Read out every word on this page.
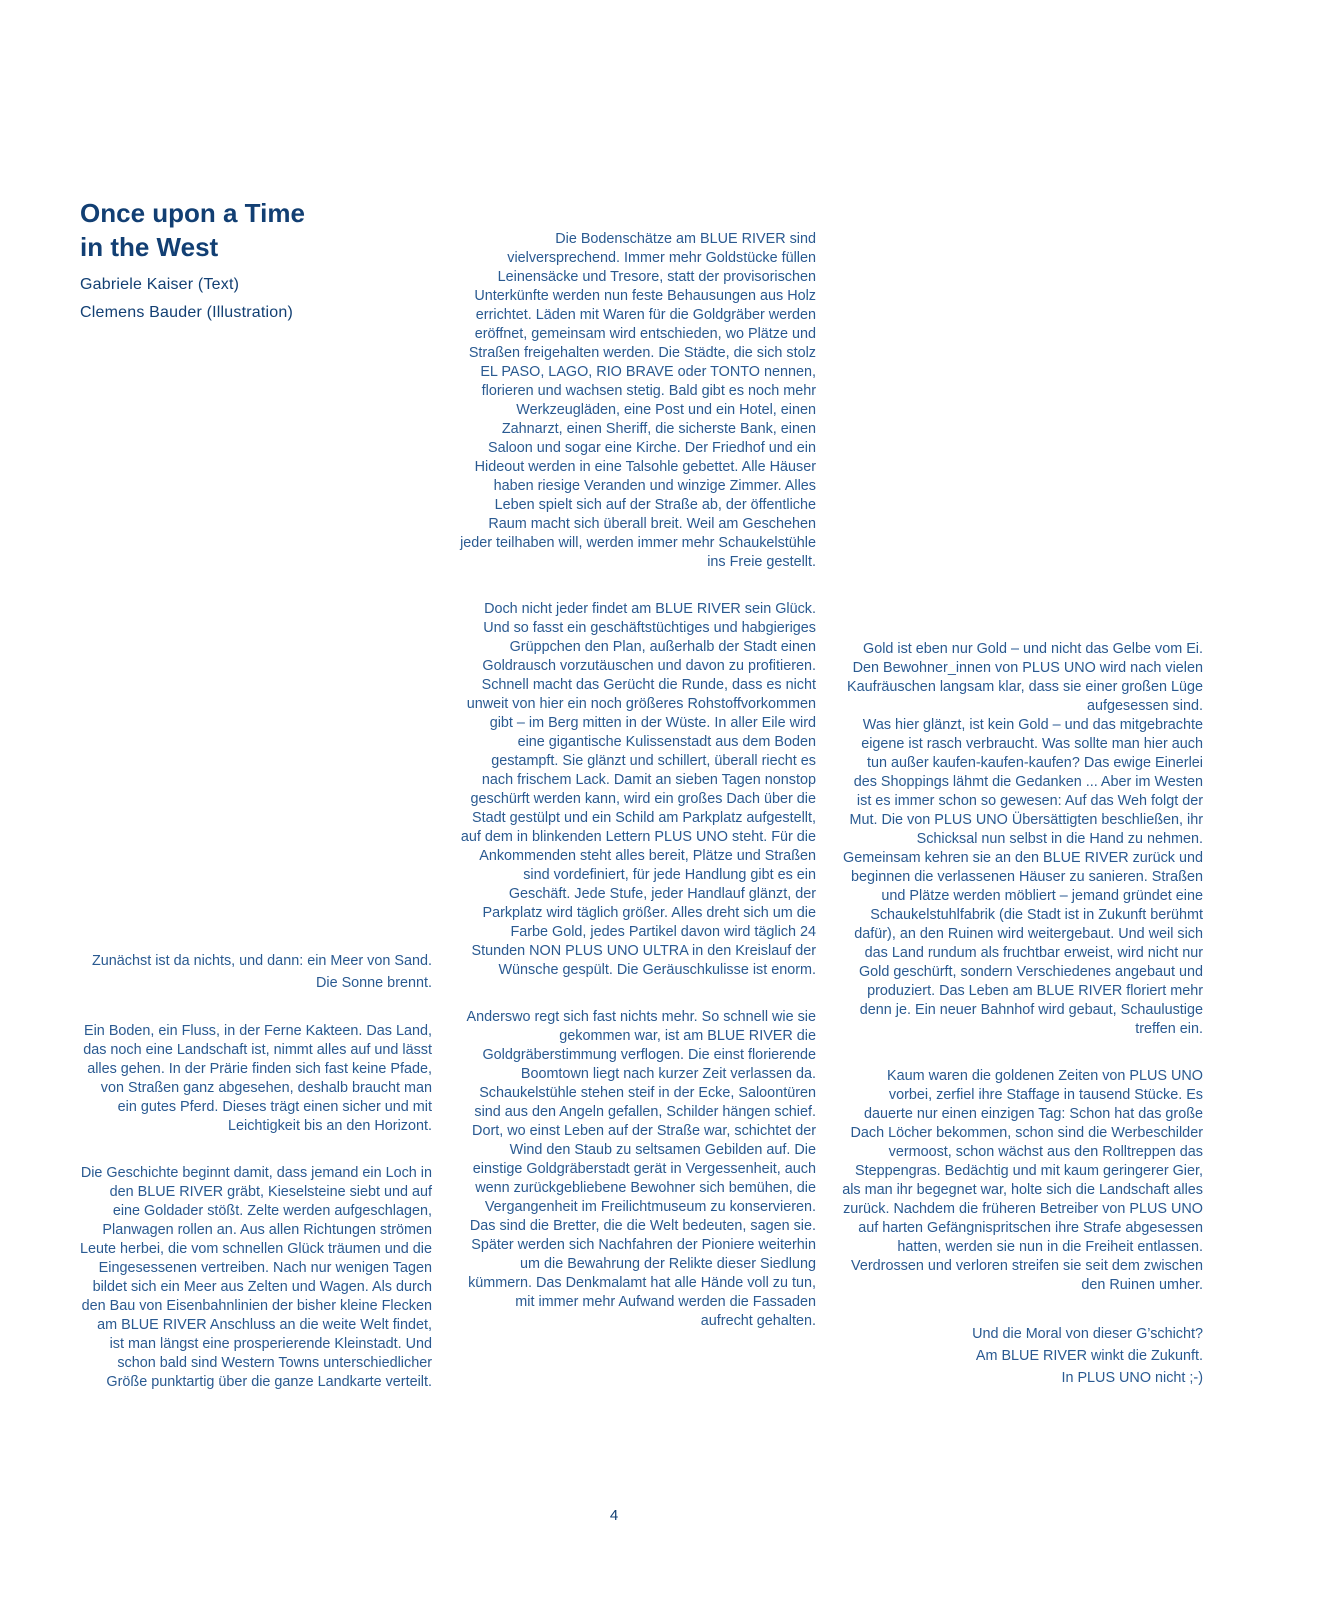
Once upon a Time
in the West

Gabriele Kaiser (Text)

Clemens Bauder (Illustration)

Zunächst ist da nichts, und dann: ein Meer von Sand. Die Sonne brennt.

Ein Boden, ein Fluss, in der Ferne Kakteen. Das Land, das noch eine Landschaft ist, nimmt alles auf und lässt alles gehen. In der Prärie finden sich fast keine Pfade, von Straßen ganz abgesehen, deshalb braucht man ein gutes Pferd. Dieses trägt einen sicher und mit Leichtigkeit bis an den Horizont.

Die Geschichte beginnt damit, dass jemand ein Loch in den BLUE RIVER gräbt, Kieselsteine siebt und auf eine Goldader stößt. Zelte werden aufgeschlagen, Planwagen rollen an. Aus allen Richtungen strömen Leute herbei, die vom schnellen Glück träumen und die Eingesessenen vertreiben. Nach nur wenigen Tagen bildet sich ein Meer aus Zelten und Wagen. Als durch den Bau von Eisenbahnlinien der bisher kleine Flecken am BLUE RIVER Anschluss an die weite Welt findet, ist man längst eine prosperierende Kleinstadt. Und schon bald sind Western Towns unterschiedlicher Größe punktartig über die ganze Landkarte verteilt.

Die Bodenschätze am BLUE RIVER sind vielversprechend. Immer mehr Goldstücke füllen Leinensäcke und Tresore, statt der provisorischen Unterkünfte werden nun feste Behausungen aus Holz errichtet. Läden mit Waren für die Goldgräber werden eröffnet, gemeinsam wird entschieden, wo Plätze und Straßen freigehalten werden. Die Städte, die sich stolz EL PASO, LAGO, RIO BRAVE oder TONTO nennen, florieren und wachsen stetig. Bald gibt es noch mehr Werkzeugläden, eine Post und ein Hotel, einen Zahnarzt, einen Sheriff, die sicherste Bank, einen Saloon und sogar eine Kirche. Der Friedhof und ein Hideout werden in eine Talsohle gebettet. Alle Häuser haben riesige Veranden und winzige Zimmer. Alles Leben spielt sich auf der Straße ab, der öffentliche Raum macht sich überall breit. Weil am Geschehen jeder teilhaben will, werden immer mehr Schaukelstühle ins Freie gestellt.

Doch nicht jeder findet am BLUE RIVER sein Glück. Und so fasst ein geschäftstüchtiges und habgieriges Grüppchen den Plan, außerhalb der Stadt einen Goldrausch vorzutäuschen und davon zu profitieren. Schnell macht das Gerücht die Runde, dass es nicht unweit von hier ein noch größeres Rohstoffvorkommen gibt – im Berg mitten in der Wüste. In aller Eile wird eine gigantische Kulissenstadt aus dem Boden gestampft. Sie glänzt und schillert, überall riecht es nach frischem Lack. Damit an sieben Tagen nonstop geschürft werden kann, wird ein großes Dach über die Stadt gestülpt und ein Schild am Parkplatz aufgestellt, auf dem in blinkenden Lettern PLUS UNO steht. Für die Ankommenden steht alles bereit, Plätze und Straßen sind vordefiniert, für jede Handlung gibt es ein Geschäft. Jede Stufe, jeder Handlauf glänzt, der Parkplatz wird täglich größer. Alles dreht sich um die Farbe Gold, jedes Partikel davon wird täglich 24 Stunden NON PLUS UNO ULTRA in den Kreislauf der Wünsche gespült. Die Geräuschkulisse ist enorm.

Anderswo regt sich fast nichts mehr. So schnell wie sie gekommen war, ist am BLUE RIVER die Goldgräberstimmung verflogen. Die einst florierende Boomtown liegt nach kurzer Zeit verlassen da. Schaukelstühle stehen steif in der Ecke, Saloontüren sind aus den Angeln gefallen, Schilder hängen schief. Dort, wo einst Leben auf der Straße war, schichtet der Wind den Staub zu seltsamen Gebilden auf. Die einstige Goldgräberstadt gerät in Vergessenheit, auch wenn zurückgebliebene Bewohner sich bemühen, die Vergangenheit im Freilichtmuseum zu konservieren. Das sind die Bretter, die die Welt bedeuten, sagen sie. Später werden sich Nachfahren der Pioniere weiterhin um die Bewahrung der Relikte dieser Siedlung kümmern. Das Denkmalamt hat alle Hände voll zu tun, mit immer mehr Aufwand werden die Fassaden aufrecht gehalten.

Gold ist eben nur Gold – und nicht das Gelbe vom Ei. Den Bewohner_innen von PLUS UNO wird nach vielen Kaufräuschen langsam klar, dass sie einer großen Lüge aufgesessen sind.

Was hier glänzt, ist kein Gold – und das mitgebrachte eigene ist rasch verbraucht. Was sollte man hier auch tun außer kaufen-kaufen-kaufen? Das ewige Einerlei des Shoppings lähmt die Gedanken ... Aber im Westen ist es immer schon so gewesen: Auf das Weh folgt der Mut. Die von PLUS UNO Übersättigten beschließen, ihr Schicksal nun selbst in die Hand zu nehmen. Gemeinsam kehren sie an den BLUE RIVER zurück und beginnen die verlassenen Häuser zu sanieren. Straßen und Plätze werden möbliert – jemand gründet eine Schaukelstuhlfabrik (die Stadt ist in Zukunft berühmt dafür), an den Ruinen wird weitergebaut. Und weil sich das Land rundum als fruchtbar erweist, wird nicht nur Gold geschürft, sondern Verschiedenes angebaut und produziert. Das Leben am BLUE RIVER floriert mehr denn je. Ein neuer Bahnhof wird gebaut, Schaulustige treffen ein.

Kaum waren die goldenen Zeiten von PLUS UNO vorbei, zerfiel ihre Staffage in tausend Stücke. Es dauerte nur einen einzigen Tag: Schon hat das große Dach Löcher bekommen, schon sind die Werbeschilder vermoost, schon wächst aus den Rolltreppen das Steppengras. Bedächtig und mit kaum geringerer Gier, als man ihr begegnet war, holte sich die Landschaft alles zurück. Nachdem die früheren Betreiber von PLUS UNO auf harten Gefängnispritschen ihre Strafe abgesessen hatten, werden sie nun in die Freiheit entlassen. Verdrossen und verloren streifen sie seit dem zwischen den Ruinen umher.

Und die Moral von dieser G’schicht?
Am BLUE RIVER winkt die Zukunft.
In PLUS UNO nicht ;-)

4
